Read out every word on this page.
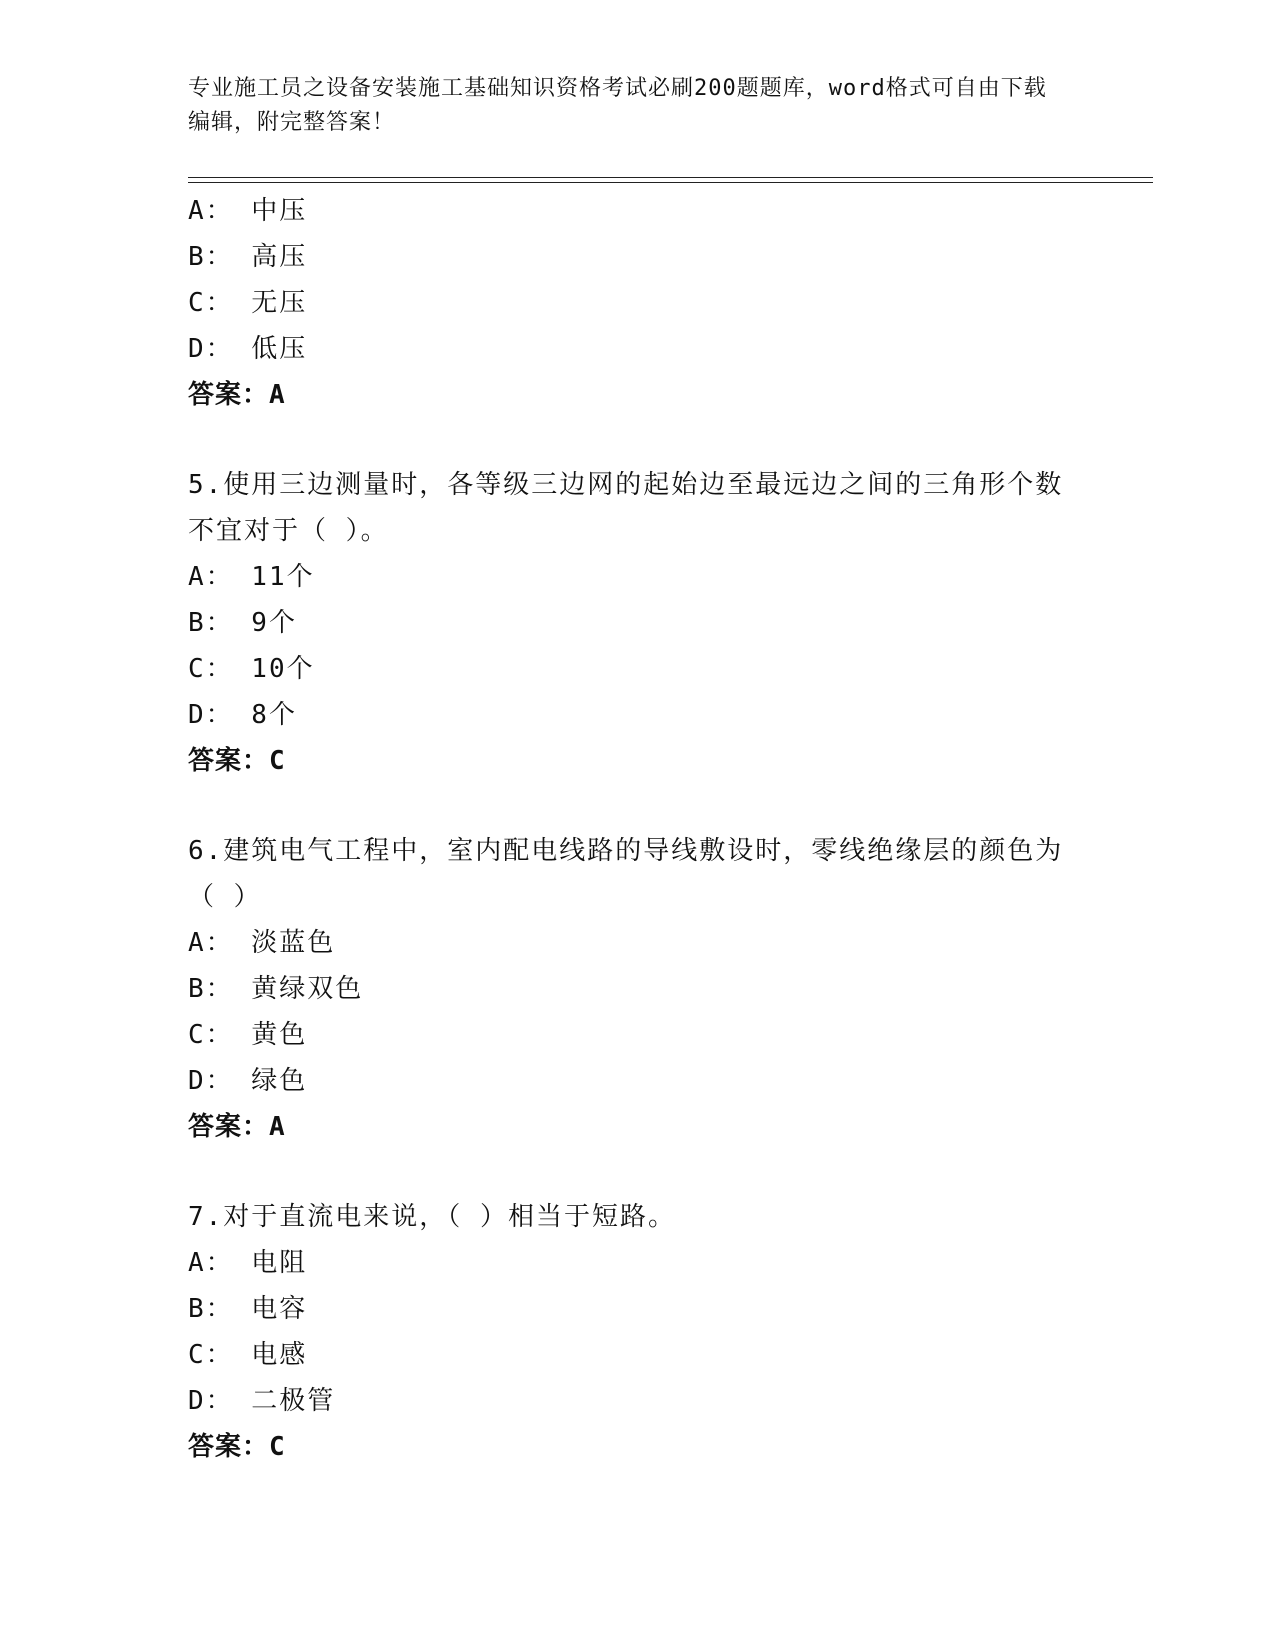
专业施工员之设备安装施工基础知识资格考试必刷200题题库，word格式可自由下载编辑，附完整答案！
A： 中压
B： 高压
C： 无压
D： 低压
答案：A
5.使用三边测量时，各等级三边网的起始边至最远边之间的三角形个数不宜对于（ ）。
A： 11个
B： 9个
C： 10个
D： 8个
答案：C
6.建筑电气工程中，室内配电线路的导线敷设时，零线绝缘层的颜色为（ ）
A： 淡蓝色
B： 黄绿双色
C： 黄色
D： 绿色
答案：A
7.对于直流电来说，（ ）相当于短路。
A： 电阻
B： 电容
C： 电感
D： 二极管
答案：C
